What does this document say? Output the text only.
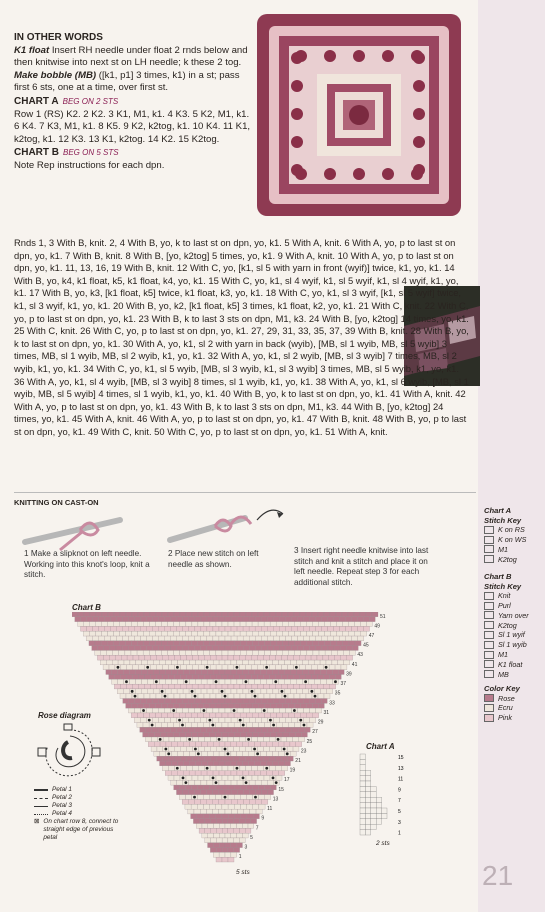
IN OTHER WORDS
K1 float Insert RH needle under float 2 rnds below and then knitwise into next st on LH needle; k these 2 tog.
Make bobble (MB) ([k1, p1] 3 times, k1) in a st; pass first 6 sts, one at a time, over first st.
CHART A BEG ON 2 STS
Row 1 (RS) K2. 2 K2. 3 K1, M1, k1. 4 K3. 5 K2, M1, k1. 6 K4. 7 K3, M1, k1. 8 K5. 9 K2, k2tog, k1. 10 K4. 11 K1, k2tog, k1. 12 K3. 13 K1, k2tog. 14 K2. 15 K2tog.
CHART B BEG ON 5 STS
Note Rep instructions for each dpn.
Rnds 1, 3 With B, knit. 2, 4 With B, yo, k to last st on dpn, yo, k1. 5 With A, knit. 6 With A, yo, p to last st on dpn, yo, k1. 7 With B, knit. 8 With B, [yo, k2tog] 5 times, yo, k1. 9 With A, knit. 10 With A, yo, p to last st on dpn, yo, k1. 11, 13, 16, 19 With B, knit. 12 With C, yo, [k1, sl 5 with yarn in front (wyif)] twice, k1, yo, k1. 14 With B, yo, k4, k1 float, k5, k1 float, k4, yo, k1. 15 With C, yo, k1, sl 4 wyif, k1, sl 5 wyif, k1, sl 4 wyif, k1, yo, k1. 17 With B, yo, k3, [k1 float, k5] twice, k1 float, k3, yo, k1. 18 With C, yo, k1, sl 3 wyif, [k1, sl 5 wyif] twice, k1, sl 3 wyif, k1, yo, k1. 20 With B, yo, k2, [k1 float, k5] 3 times, k1 float, k2, yo, k1. 21 With C, knit. 22 With C, yo, p to last st on dpn, yo, k1. 23 With B, k to last 3 sts on dpn, M1, k3. 24 With B, [yo, k2tog] 14 times, yo, k1. 25 With C, knit. 26 With C, yo, p to last st on dpn, yo, k1. 27, 29, 31, 33, 35, 37, 39 With B, knit. 28 With B, yo, k to last st on dpn, yo, k1. 30 With A, yo, k1, sl 2 with yarn in back (wyib), [MB, sl 1 wyib, MB, sl 5 wyib] 3 times, MB, sl 1 wyib, MB, sl 2 wyib, k1, yo, k1. 32 With A, yo, k1, sl 2 wyib, [MB, sl 3 wyib] 7 times, MB, sl 2 wyib, k1, yo, k1. 34 With C, yo, k1, sl 5 wyib, [MB, sl 3 wyib, k1, sl 3 wyib] 3 times, MB, sl 5 wyib, k1, yo, k1. 36 With A, yo, k1, sl 4 wyib, [MB, sl 3 wyib] 8 times, sl 1 wyib, k1, yo, k1. 38 With A, yo, k1, sl 6 wyib, [MB, sl 1 wyib, MB, sl 5 wyib] 4 times, sl 1 wyib, k1, yo, k1. 40 With B, yo, k to last st on dpn, yo, k1. 41 With A, knit. 42 With A, yo, p to last st on dpn, yo, k1. 43 With B, k to last 3 sts on dpn, M1, k3. 44 With B, [yo, k2tog] 24 times, yo, k1. 45 With A, knit. 46 With A, yo, p to last st on dpn, yo, k1. 47 With B, knit. 48 With B, yo, p to last st on dpn, yo, k1. 49 With C, knit. 50 With C, yo, p to last st on dpn, yo, k1. 51 With A, knit.
KNITTING ON CAST-ON
1 Make a slipknot on left needle. Working into this knot's loop, knit a stitch.
2 Place new stitch on left needle as shown.
3 Insert right needle knitwise into last stitch and knit a stitch and place it on left needle. Repeat step 3 for each additional stitch.
Chart B
51
49
47
45
43
41
39
37
35
33
31
29
27
25
23
21
19
17
15
13
11
9
7
5
3
1
5 sts
Chart A
15
13
11
9
7
5
3
1
2 sts
Rose diagram
Petal 1
Petal 2
Petal 3
Petal 4
⊠ On chart row 8, connect to straight edge of previous petal
Chart A Stitch Key
K on RS
K on WS
M1
K2tog
Chart B Stitch Key
Knit
Purl
Yarn over
K2tog
Sl 1 wyif
Sl 1 wyib
M1
K1 float
MB
Color Key
Rose
Ecru
Pink
21
